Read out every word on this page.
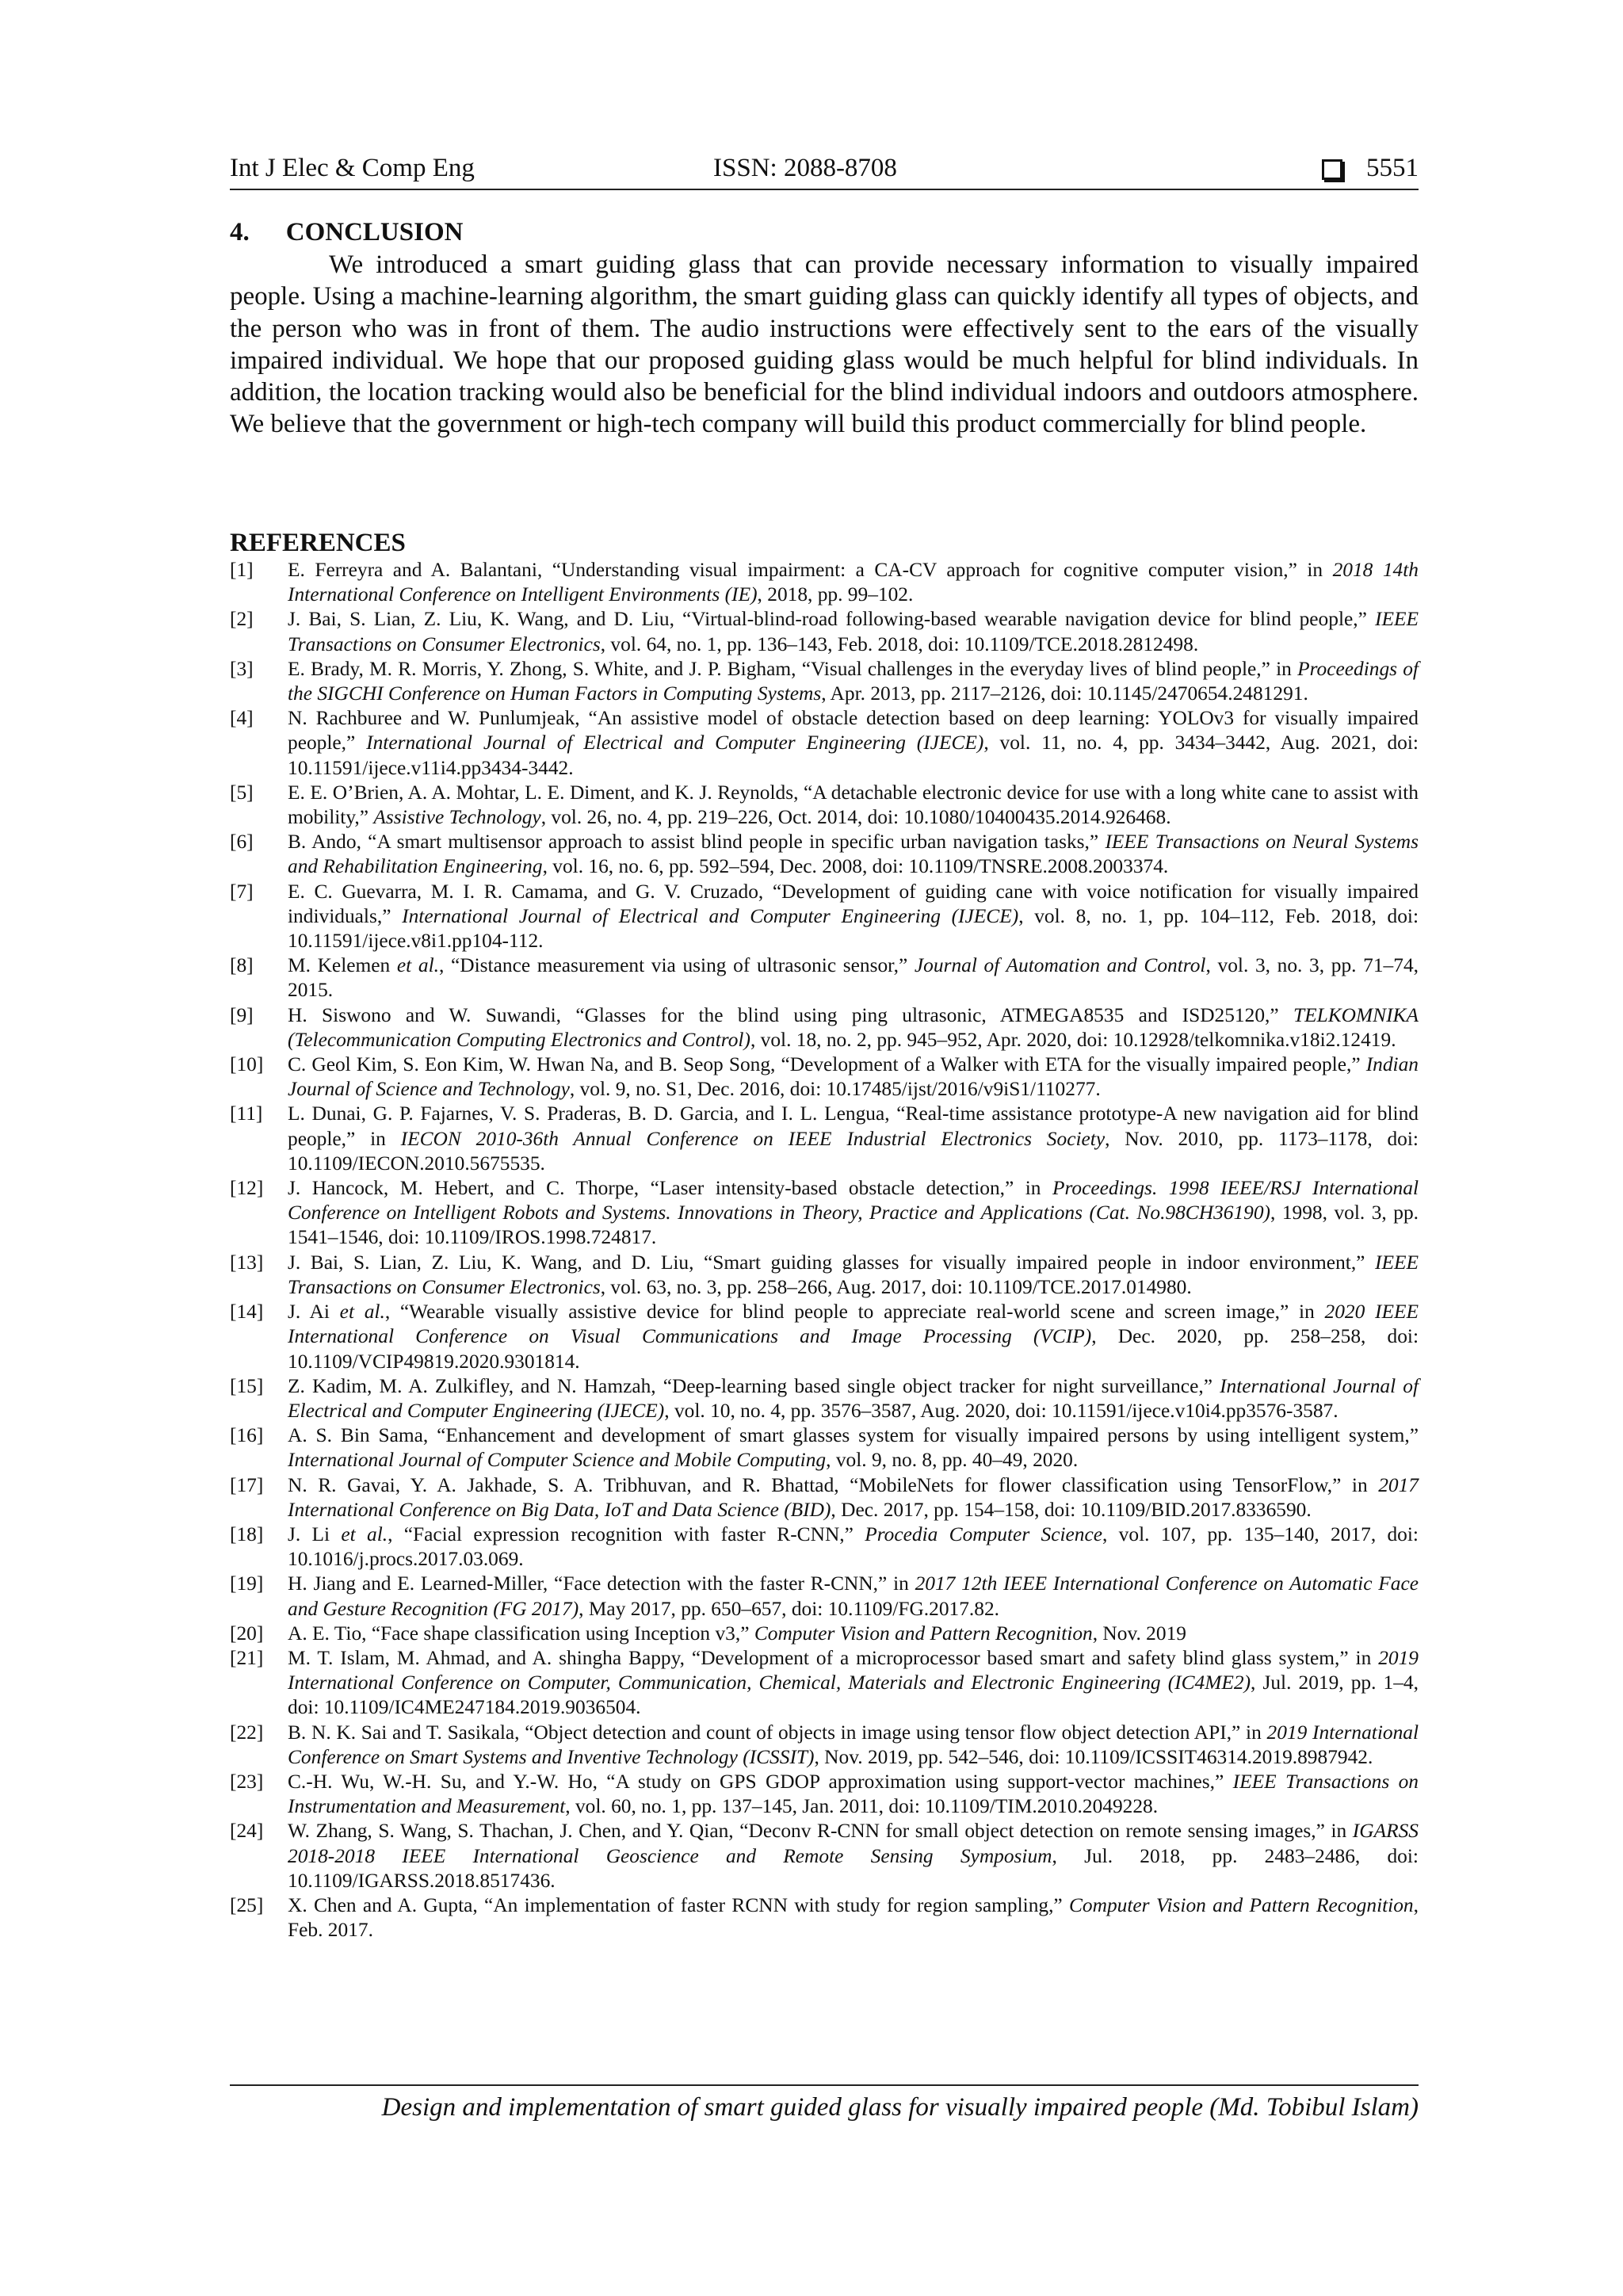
Int J Elec & Comp Eng	ISSN: 2088-8708	5551
4. CONCLUSION

We introduced a smart guiding glass that can provide necessary information to visually impaired people. Using a machine-learning algorithm, the smart guiding glass can quickly identify all types of objects, and the person who was in front of them. The audio instructions were effectively sent to the ears of the visually impaired individual. We hope that our proposed guiding glass would be much helpful for blind individuals. In addition, the location tracking would also be beneficial for the blind individual indoors and outdoors atmosphere. We believe that the government or high-tech company will build this product commercially for blind people.

REFERENCES
[1]	E. Ferreyra and A. Balantani, “Understanding visual impairment: a CA-CV approach for cognitive computer vision,” in 2018 14th International Conference on Intelligent Environments (IE), 2018, pp. 99–102.
[2]	J. Bai, S. Lian, Z. Liu, K. Wang, and D. Liu, “Virtual-blind-road following-based wearable navigation device for blind people,” IEEE Transactions on Consumer Electronics, vol. 64, no. 1, pp. 136–143, Feb. 2018, doi: 10.1109/TCE.2018.2812498.
[3]	E. Brady, M. R. Morris, Y. Zhong, S. White, and J. P. Bigham, “Visual challenges in the everyday lives of blind people,” in Proceedings of the SIGCHI Conference on Human Factors in Computing Systems, Apr. 2013, pp. 2117–2126, doi: 10.1145/2470654.2481291.
[4]	N. Rachburee and W. Punlumjeak, “An assistive model of obstacle detection based on deep learning: YOLOv3 for visually impaired people,” International Journal of Electrical and Computer Engineering (IJECE), vol. 11, no. 4, pp. 3434–3442, Aug. 2021, doi: 10.11591/ijece.v11i4.pp3434-3442.
[5]	E. E. O’Brien, A. A. Mohtar, L. E. Diment, and K. J. Reynolds, “A detachable electronic device for use with a long white cane to assist with mobility,” Assistive Technology, vol. 26, no. 4, pp. 219–226, Oct. 2014, doi: 10.1080/10400435.2014.926468.
[6]	B. Ando, “A smart multisensor approach to assist blind people in specific urban navigation tasks,” IEEE Transactions on Neural Systems and Rehabilitation Engineering, vol. 16, no. 6, pp. 592–594, Dec. 2008, doi: 10.1109/TNSRE.2008.2003374.
[7]	E. C. Guevarra, M. I. R. Camama, and G. V. Cruzado, “Development of guiding cane with voice notification for visually impaired individuals,” International Journal of Electrical and Computer Engineering (IJECE), vol. 8, no. 1, pp. 104–112, Feb. 2018, doi: 10.11591/ijece.v8i1.pp104-112.
[8]	M. Kelemen et al., “Distance measurement via using of ultrasonic sensor,” Journal of Automation and Control, vol. 3, no. 3, pp. 71–74, 2015.
[9]	H. Siswono and W. Suwandi, “Glasses for the blind using ping ultrasonic, ATMEGA8535 and ISD25120,” TELKOMNIKA (Telecommunication Computing Electronics and Control), vol. 18, no. 2, pp. 945–952, Apr. 2020, doi: 10.12928/telkomnika.v18i2.12419.
[10]	C. Geol Kim, S. Eon Kim, W. Hwan Na, and B. Seop Song, “Development of a Walker with ETA for the visually impaired people,” Indian Journal of Science and Technology, vol. 9, no. S1, Dec. 2016, doi: 10.17485/ijst/2016/v9iS1/110277.
[11]	L. Dunai, G. P. Fajarnes, V. S. Praderas, B. D. Garcia, and I. L. Lengua, “Real-time assistance prototype-A new navigation aid for blind people,” in IECON 2010-36th Annual Conference on IEEE Industrial Electronics Society, Nov. 2010, pp. 1173–1178, doi: 10.1109/IECON.2010.5675535.
[12]	J. Hancock, M. Hebert, and C. Thorpe, “Laser intensity-based obstacle detection,” in Proceedings. 1998 IEEE/RSJ International Conference on Intelligent Robots and Systems. Innovations in Theory, Practice and Applications (Cat. No.98CH36190), 1998, vol. 3, pp. 1541–1546, doi: 10.1109/IROS.1998.724817.
[13]	J. Bai, S. Lian, Z. Liu, K. Wang, and D. Liu, “Smart guiding glasses for visually impaired people in indoor environment,” IEEE Transactions on Consumer Electronics, vol. 63, no. 3, pp. 258–266, Aug. 2017, doi: 10.1109/TCE.2017.014980.
[14]	J. Ai et al., “Wearable visually assistive device for blind people to appreciate real-world scene and screen image,” in 2020 IEEE International Conference on Visual Communications and Image Processing (VCIP), Dec. 2020, pp. 258–258, doi: 10.1109/VCIP49819.2020.9301814.
[15]	Z. Kadim, M. A. Zulkifley, and N. Hamzah, “Deep-learning based single object tracker for night surveillance,” International Journal of Electrical and Computer Engineering (IJECE), vol. 10, no. 4, pp. 3576–3587, Aug. 2020, doi: 10.11591/ijece.v10i4.pp3576-3587.
[16]	A. S. Bin Sama, “Enhancement and development of smart glasses system for visually impaired persons by using intelligent system,” International Journal of Computer Science and Mobile Computing, vol. 9, no. 8, pp. 40–49, 2020.
[17]	N. R. Gavai, Y. A. Jakhade, S. A. Tribhuvan, and R. Bhattad, “MobileNets for flower classification using TensorFlow,” in 2017 International Conference on Big Data, IoT and Data Science (BID), Dec. 2017, pp. 154–158, doi: 10.1109/BID.2017.8336590.
[18]	J. Li et al., “Facial expression recognition with faster R-CNN,” Procedia Computer Science, vol. 107, pp. 135–140, 2017, doi: 10.1016/j.procs.2017.03.069.
[19]	H. Jiang and E. Learned-Miller, “Face detection with the faster R-CNN,” in 2017 12th IEEE International Conference on Automatic Face and Gesture Recognition (FG 2017), May 2017, pp. 650–657, doi: 10.1109/FG.2017.82.
[20]	A. E. Tio, “Face shape classification using Inception v3,” Computer Vision and Pattern Recognition, Nov. 2019
[21]	M. T. Islam, M. Ahmad, and A. shingha Bappy, “Development of a microprocessor based smart and safety blind glass system,” in 2019 International Conference on Computer, Communication, Chemical, Materials and Electronic Engineering (IC4ME2), Jul. 2019, pp. 1–4, doi: 10.1109/IC4ME247184.2019.9036504.
[22]	B. N. K. Sai and T. Sasikala, “Object detection and count of objects in image using tensor flow object detection API,” in 2019 International Conference on Smart Systems and Inventive Technology (ICSSIT), Nov. 2019, pp. 542–546, doi: 10.1109/ICSSIT46314.2019.8987942.
[23]	C.-H. Wu, W.-H. Su, and Y.-W. Ho, “A study on GPS GDOP approximation using support-vector machines,” IEEE Transactions on Instrumentation and Measurement, vol. 60, no. 1, pp. 137–145, Jan. 2011, doi: 10.1109/TIM.2010.2049228.
[24]	W. Zhang, S. Wang, S. Thachan, J. Chen, and Y. Qian, “Deconv R-CNN for small object detection on remote sensing images,” in IGARSS 2018-2018 IEEE International Geoscience and Remote Sensing Symposium, Jul. 2018, pp. 2483–2486, doi: 10.1109/IGARSS.2018.8517436.
[25]	X. Chen and A. Gupta, “An implementation of faster RCNN with study for region sampling,” Computer Vision and Pattern Recognition, Feb. 2017.
Design and implementation of smart guided glass for visually impaired people (Md. Tobibul Islam)
